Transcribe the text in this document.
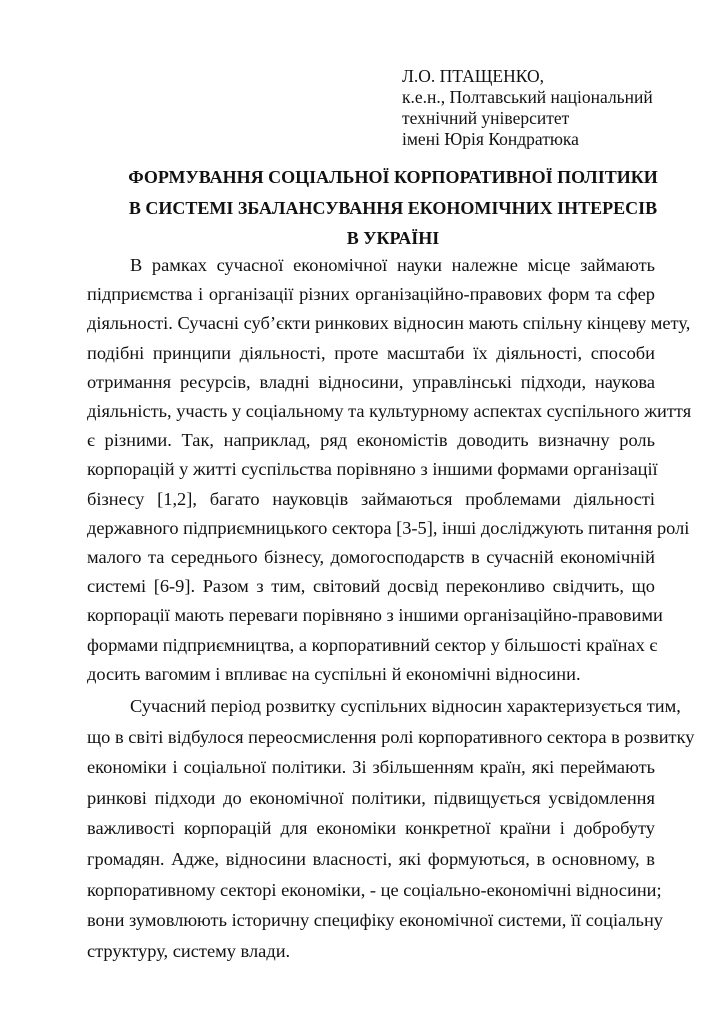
Л.О. ПТАЩЕНКО,
к.е.н., Полтавський національний
технічний університет
імені Юрія Кондратюка
ФОРМУВАННЯ СОЦІАЛЬНОЇ КОРПОРАТИВНОЇ ПОЛІТИКИ
В СИСТЕМІ ЗБАЛАНСУВАННЯ ЕКОНОМІЧНИХ ІНТЕРЕСІВ
В УКРАЇНІ
В рамках сучасної економічної науки належне місце займають
підприємства і організації різних організаційно-правових форм та сфер
діяльності. Сучасні суб’єкти ринкових відносин мають спільну кінцеву мету,
подібні принципи діяльності, проте масштаби їх діяльності, способи
отримання ресурсів, владні відносини, управлінські підходи, наукова
діяльність, участь у соціальному та культурному аспектах суспільного життя
є різними. Так, наприклад, ряд економістів доводить визначну роль
корпорацій у житті суспільства порівняно з іншими формами організації
бізнесу [1,2], багато науковців займаються проблемами діяльності
державного підприємницького сектора [3-5], інші досліджують питання ролі
малого та середнього бізнесу, домогосподарств в сучасній економічній
системі [6-9]. Разом з тим, світовий досвід переконливо свідчить, що
корпорації мають переваги порівняно з іншими організаційно-правовими
формами підприємництва, а корпоративний сектор у більшості країнах є
досить вагомим і впливає на суспільні й економічні відносини.
Сучасний період розвитку суспільних відносин характеризується тим,
що в світі відбулося переосмислення ролі корпоративного сектора в розвитку
економіки і соціальної політики. Зі збільшенням країн, які переймають
ринкові підходи до економічної політики, підвищується усвідомлення
важливості корпорацій для економіки конкретної країни і добробуту
громадян. Адже, відносини власності, які формуються, в основному, в
корпоративному секторі економіки, - це соціально-економічні відносини;
вони зумовлюють історичну специфіку економічної системи, її соціальну
структуру, систему влади.
